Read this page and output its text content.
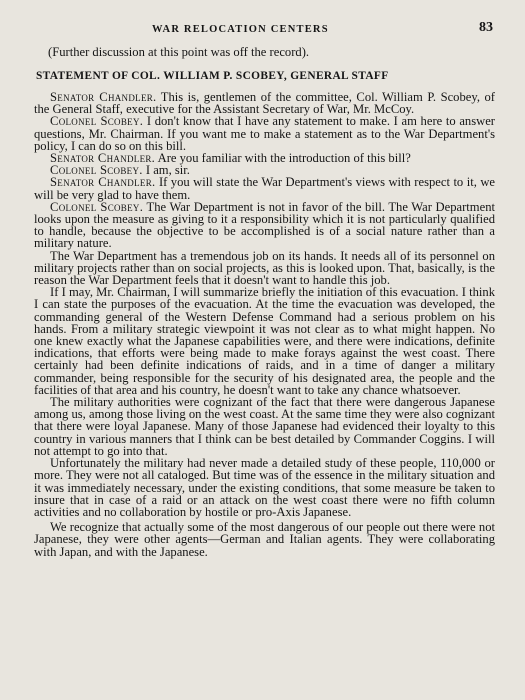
WAR RELOCATION CENTERS	83
(Further discussion at this point was off the record).
STATEMENT OF COL. WILLIAM P. SCOBEY, GENERAL STAFF

Senator Chandler. This is, gentlemen of the committee, Col. William P. Scobey, of the General Staff, executive for the Assistant Secretary of War, Mr. McCoy.

Colonel Scobey. I don't know that I have any statement to make. I am here to answer questions, Mr. Chairman. If you want me to make a statement as to the War Department's policy, I can do so on this bill.

Senator Chandler. Are you familiar with the introduction of this bill?

Colonel Scobey. I am, sir.

Senator Chandler. If you will state the War Department's views with respect to it, we will be very glad to have them.

Colonel Scobey. The War Department is not in favor of the bill. The War Department looks upon the measure as giving to it a responsibility which it is not particularly qualified to handle, because the objective to be accomplished is of a social nature rather than a military nature.

The War Department has a tremendous job on its hands. It needs all of its personnel on military projects rather than on social projects, as this is looked upon. That, basically, is the reason the War Department feels that it doesn't want to handle this job.

If I may, Mr. Chairman, I will summarize briefly the initiation of this evacuation. I think I can state the purposes of the evacuation. At the time the evacuation was developed, the commanding general of the Western Defense Command had a serious problem on his hands. From a military strategic viewpoint it was not clear as to what might happen. No one knew exactly what the Japanese capabilities were, and there were indications, definite indications, that efforts were being made to make forays against the west coast. There certainly had been definite indications of raids, and in a time of danger a military commander, being responsible for the security of his designated area, the people and the facilities of that area and his country, he doesn't want to take any chance whatsoever.

The military authorities were cognizant of the fact that there were dangerous Japanese among us, among those living on the west coast. At the same time they were also cognizant that there were loyal Japanese. Many of those Japanese had evidenced their loyalty to this country in various manners that I think can be best detailed by Commander Coggins. I will not attempt to go into that.

Unfortunately the military had never made a detailed study of these people, 110,000 or more. They were not all cataloged. But time was of the essence in the military situation and it was immediately necessary, under the existing conditions, that some measure be taken to insure that in case of a raid or an attack on the west coast there were no fifth column activities and no collaboration by hostile or pro-Axis Japanese.

We recognize that actually some of the most dangerous of our people out there were not Japanese, they were other agents—German and Italian agents. They were collaborating with Japan, and with the Japanese.
